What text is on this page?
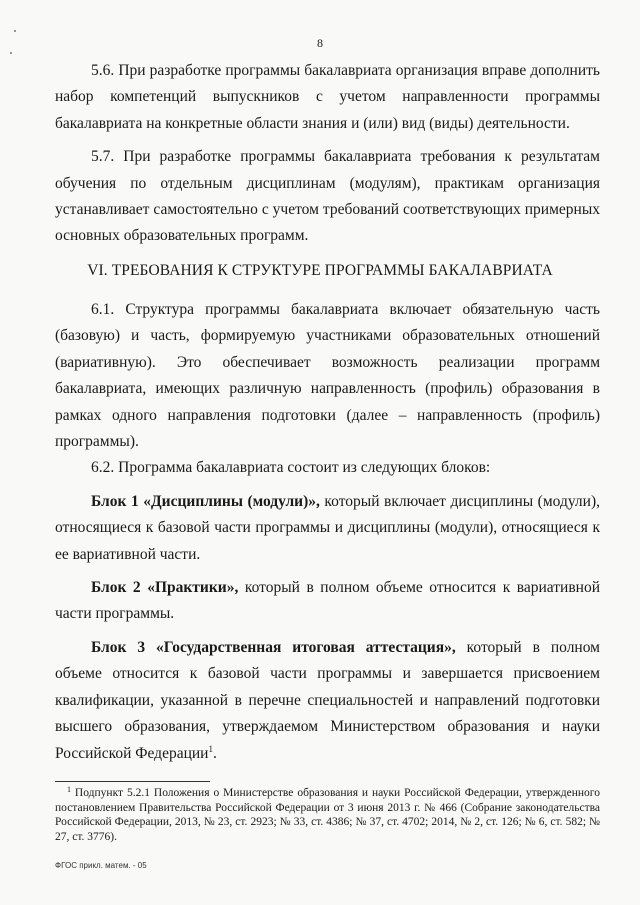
8

5.6. При разработке программы бакалавриата организация вправе дополнить набор компетенций выпускников с учетом направленности программы бакалавриата на конкретные области знания и (или) вид (виды) деятельности.

5.7. При разработке программы бакалавриата требования к результатам обучения по отдельным дисциплинам (модулям), практикам организация устанавливает самостоятельно с учетом требований соответствующих примерных основных образовательных программ.

VI. ТРЕБОВАНИЯ К СТРУКТУРЕ ПРОГРАММЫ БАКАЛАВРИАТА

6.1. Структура программы бакалавриата включает обязательную часть (базовую) и часть, формируемую участниками образовательных отношений (вариативную). Это обеспечивает возможность реализации программ бакалавриата, имеющих различную направленность (профиль) образования в рамках одного направления подготовки (далее – направленность (профиль) программы).

6.2. Программа бакалавриата состоит из следующих блоков:

Блок 1 «Дисциплины (модули)», который включает дисциплины (модули), относящиеся к базовой части программы и дисциплины (модули), относящиеся к ее вариативной части.

Блок 2 «Практики», который в полном объеме относится к вариативной части программы.

Блок 3 «Государственная итоговая аттестация», который в полном объеме относится к базовой части программы и завершается присвоением квалификации, указанной в перечне специальностей и направлений подготовки высшего образования, утверждаемом Министерством образования и науки Российской Федерации$^1$.

$^1$ Подпункт 5.2.1 Положения о Министерстве образования и науки Российской Федерации, утвержденного постановлением Правительства Российской Федерации от 3 июня 2013 г. № 466 (Собрание законодательства Российской Федерации, 2013, № 23, ст. 2923; № 33, ст. 4386; № 37, ст. 4702; 2014, № 2, ст. 126; № 6, ст. 582; № 27, ст. 3776).

ФГОС прикл. матем. - 05
